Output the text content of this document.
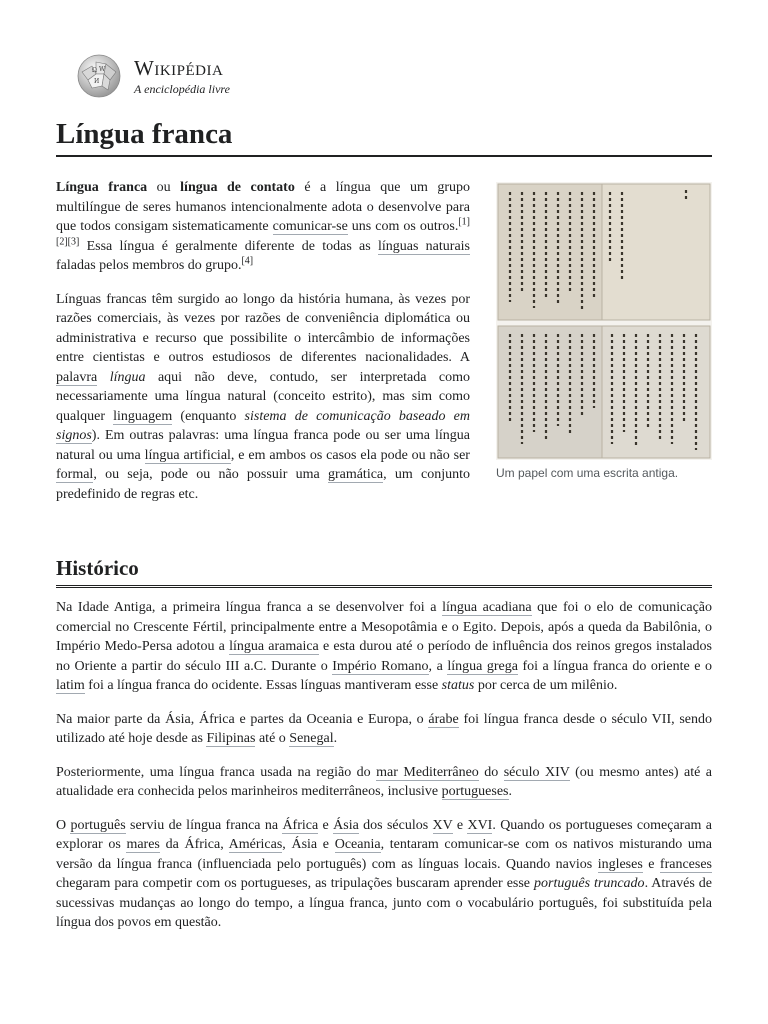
Ω W
И
Wikipédia
A enciclopédia livre
Língua franca

Língua franca ou língua de contato é a língua que um grupo multilíngue de seres humanos intencionalmente adota o desenvolve para que todos consigam sistematicamente comunicar-se uns com os outros.[1][2][3] Essa língua é geralmente diferente de todas as línguas naturais faladas pelos membros do grupo.[4]

Línguas francas têm surgido ao longo da história humana, às vezes por razões comerciais, às vezes por razões de conveniência diplomática ou administrativa e recurso que possibilite o intercâmbio de informações entre cientistas e outros estudiosos de diferentes nacionalidades. A palavra língua aqui não deve, contudo, ser interpretada como necessariamente uma língua natural (conceito estrito), mas sim como qualquer linguagem (enquanto sistema de comunicação baseado em signos). Em outras palavras: uma língua franca pode ou ser uma língua natural ou uma língua artificial, e em ambos os casos ela pode ou não ser formal, ou seja, pode ou não possuir uma gramática, um conjunto predefinido de regras etc.

Um papel com uma escrita antiga.
Histórico

Na Idade Antiga, a primeira língua franca a se desenvolver foi a língua acadiana que foi o elo de comunicação comercial no Crescente Fértil, principalmente entre a Mesopotâmia e o Egito. Depois, após a queda da Babilônia, o Império Medo-Persa adotou a língua aramaica e esta durou até o período de influência dos reinos gregos instalados no Oriente a partir do século III a.C. Durante o Império Romano, a língua grega foi a língua franca do oriente e o latim foi a língua franca do ocidente. Essas línguas mantiveram esse status por cerca de um milênio.

Na maior parte da Ásia, África e partes da Oceania e Europa, o árabe foi língua franca desde o século VII, sendo utilizado até hoje desde as Filipinas até o Senegal.

Posteriormente, uma língua franca usada na região do mar Mediterrâneo do século XIV (ou mesmo antes) até a atualidade era conhecida pelos marinheiros mediterrâneos, inclusive portugueses.

O português serviu de língua franca na África e Ásia dos séculos XV e XVI. Quando os portugueses começaram a explorar os mares da África, Américas, Ásia e Oceania, tentaram comunicar-se com os nativos misturando uma versão da língua franca (influenciada pelo português) com as línguas locais. Quando navios ingleses e franceses chegaram para competir com os portugueses, as tripulações buscaram aprender esse português truncado. Através de sucessivas mudanças ao longo do tempo, a língua franca, junto com o vocabulário português, foi substituída pela língua dos povos em questão.
